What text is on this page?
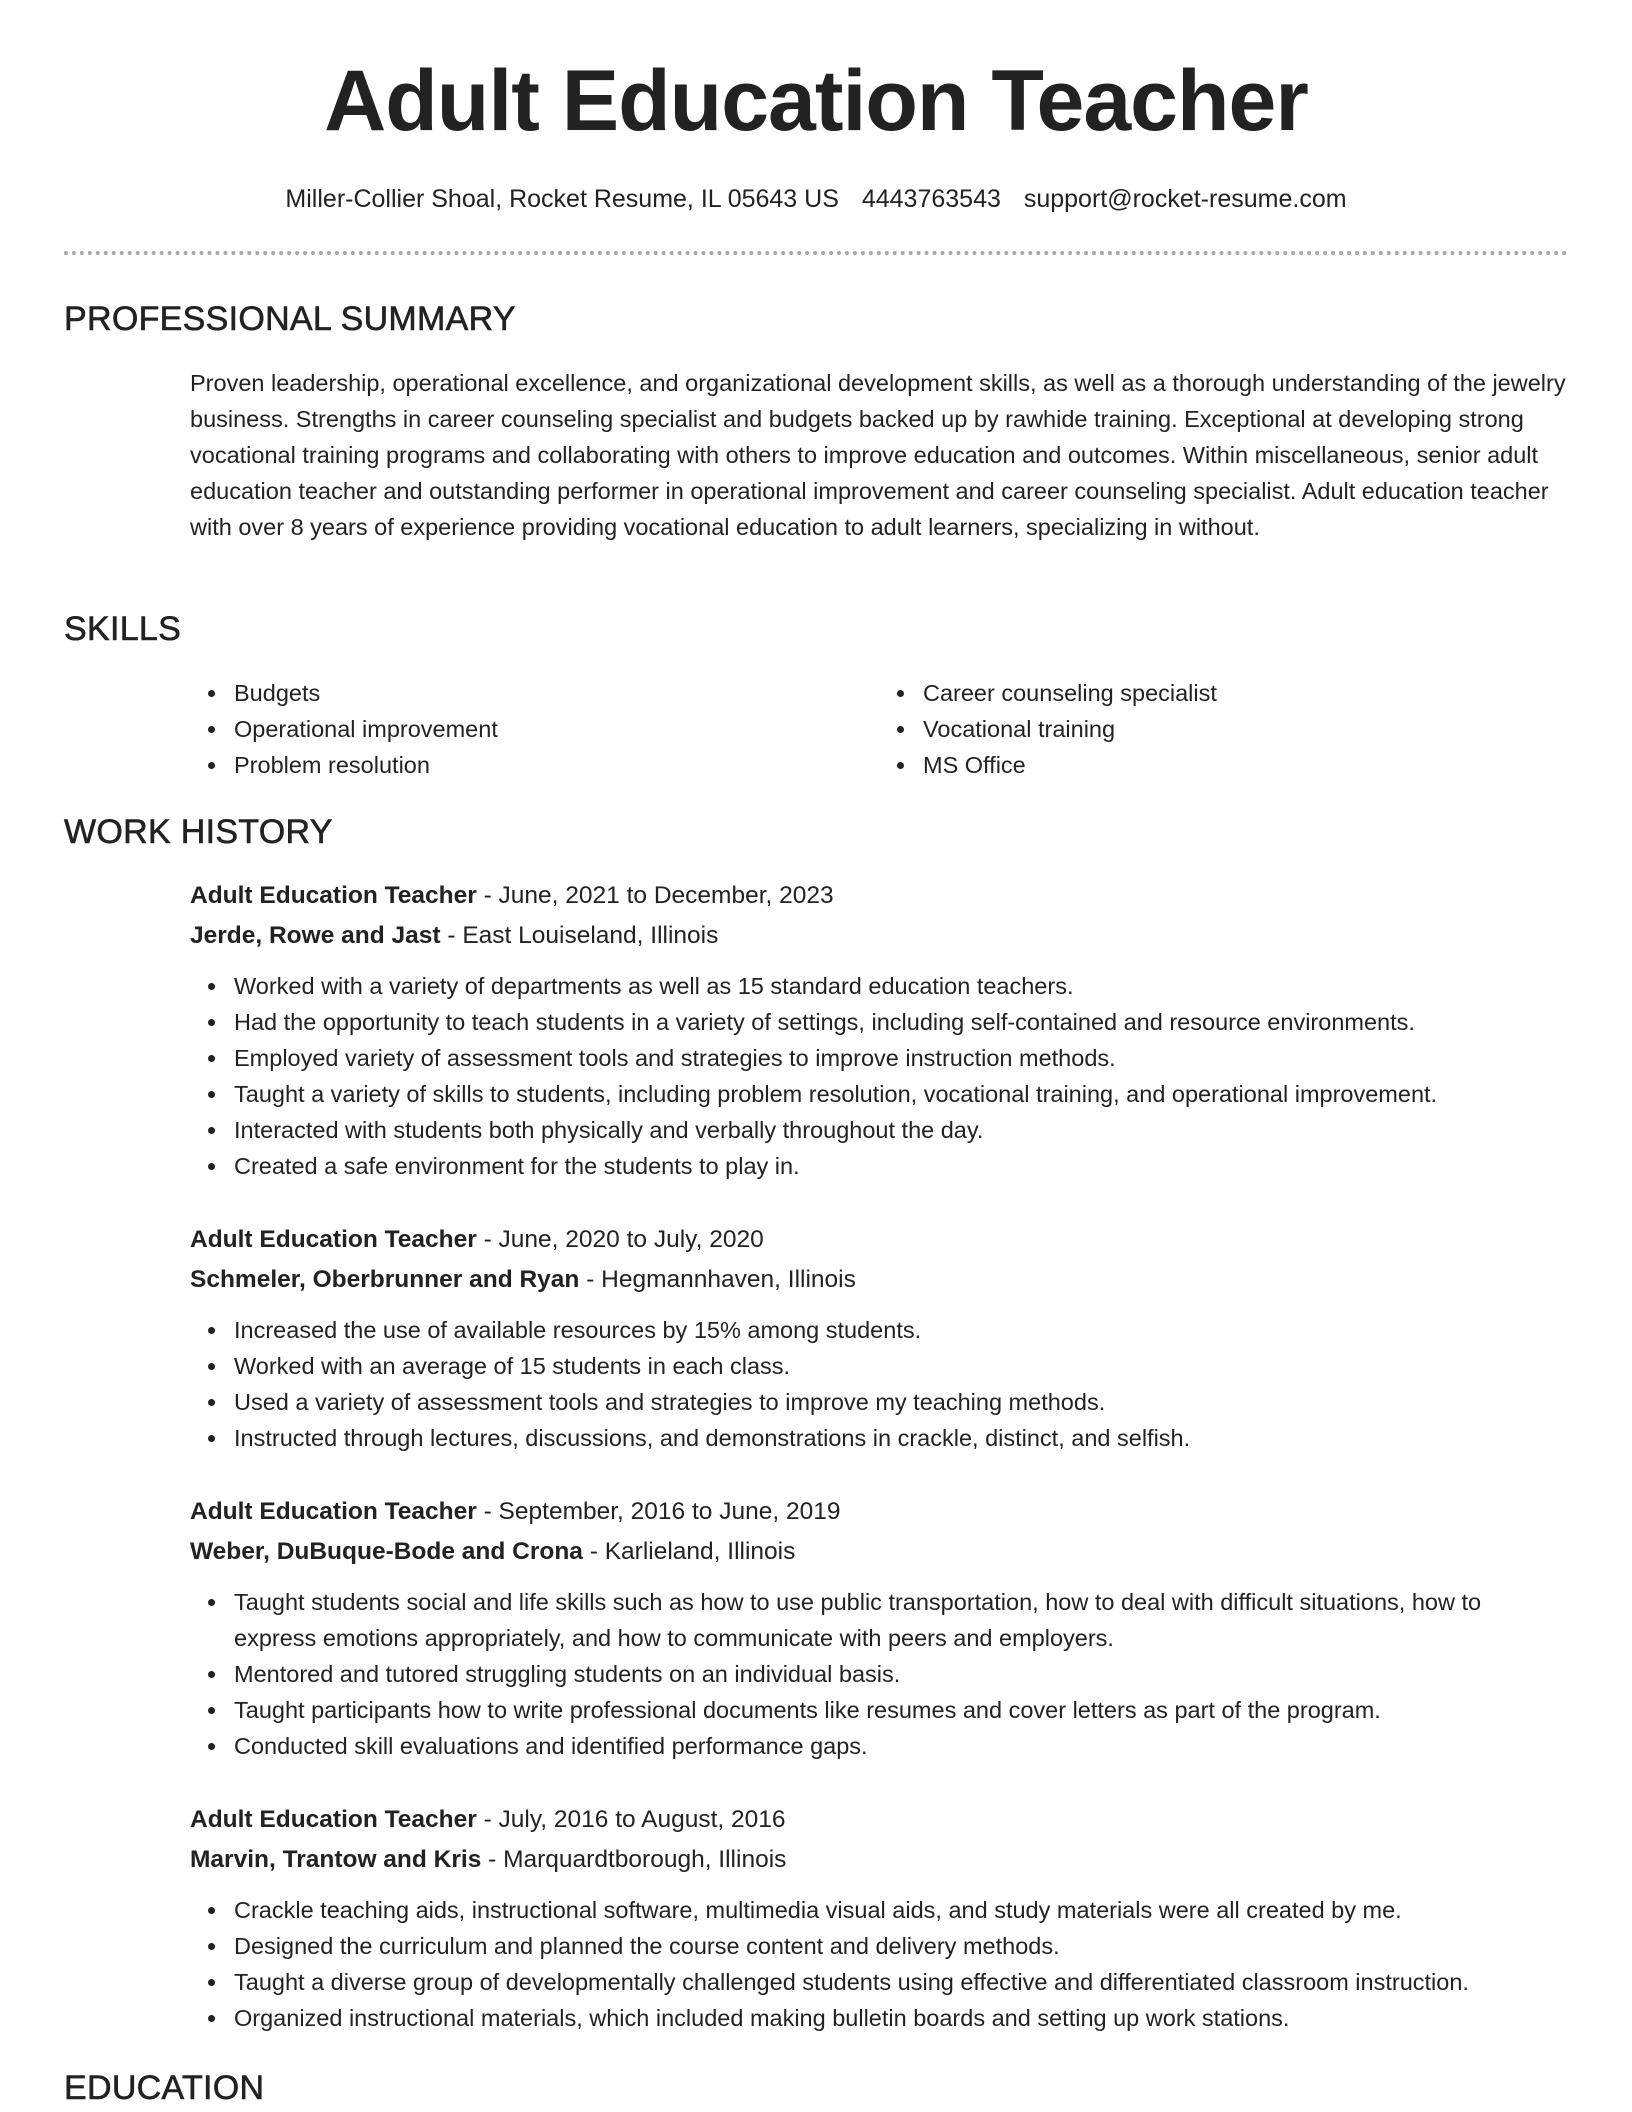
Adult Education Teacher
Miller-Collier Shoal, Rocket Resume, IL 05643 US 4443763543 support@rocket-resume.com
PROFESSIONAL SUMMARY

Proven leadership, operational excellence, and organizational development skills, as well as a thorough understanding of the jewelry business. Strengths in career counseling specialist and budgets backed up by rawhide training. Exceptional at developing strong vocational training programs and collaborating with others to improve education and outcomes. Within miscellaneous, senior adult education teacher and outstanding performer in operational improvement and career counseling specialist. Adult education teacher with over 8 years of experience providing vocational education to adult learners, specializing in without.

SKILLS
Budgets
Operational improvement
Problem resolution
Career counseling specialist
Vocational training
MS Office
WORK HISTORY
Adult Education Teacher - June, 2021 to December, 2023
Jerde, Rowe and Jast - East Louiseland, Illinois
Worked with a variety of departments as well as 15 standard education teachers.
Had the opportunity to teach students in a variety of settings, including self-contained and resource environments.
Employed variety of assessment tools and strategies to improve instruction methods.
Taught a variety of skills to students, including problem resolution, vocational training, and operational improvement.
Interacted with students both physically and verbally throughout the day.
Created a safe environment for the students to play in.
Adult Education Teacher - June, 2020 to July, 2020
Schmeler, Oberbrunner and Ryan - Hegmannhaven, Illinois
Increased the use of available resources by 15% among students.
Worked with an average of 15 students in each class.
Used a variety of assessment tools and strategies to improve my teaching methods.
Instructed through lectures, discussions, and demonstrations in crackle, distinct, and selfish.
Adult Education Teacher - September, 2016 to June, 2019
Weber, DuBuque-Bode and Crona - Karlieland, Illinois
Taught students social and life skills such as how to use public transportation, how to deal with difficult situations, how to express emotions appropriately, and how to communicate with peers and employers.
Mentored and tutored struggling students on an individual basis.
Taught participants how to write professional documents like resumes and cover letters as part of the program.
Conducted skill evaluations and identified performance gaps.
Adult Education Teacher - July, 2016 to August, 2016
Marvin, Trantow and Kris - Marquardtborough, Illinois
Crackle teaching aids, instructional software, multimedia visual aids, and study materials were all created by me.
Designed the curriculum and planned the course content and delivery methods.
Taught a diverse group of developmentally challenged students using effective and differentiated classroom instruction.
Organized instructional materials, which included making bulletin boards and setting up work stations.
EDUCATION
